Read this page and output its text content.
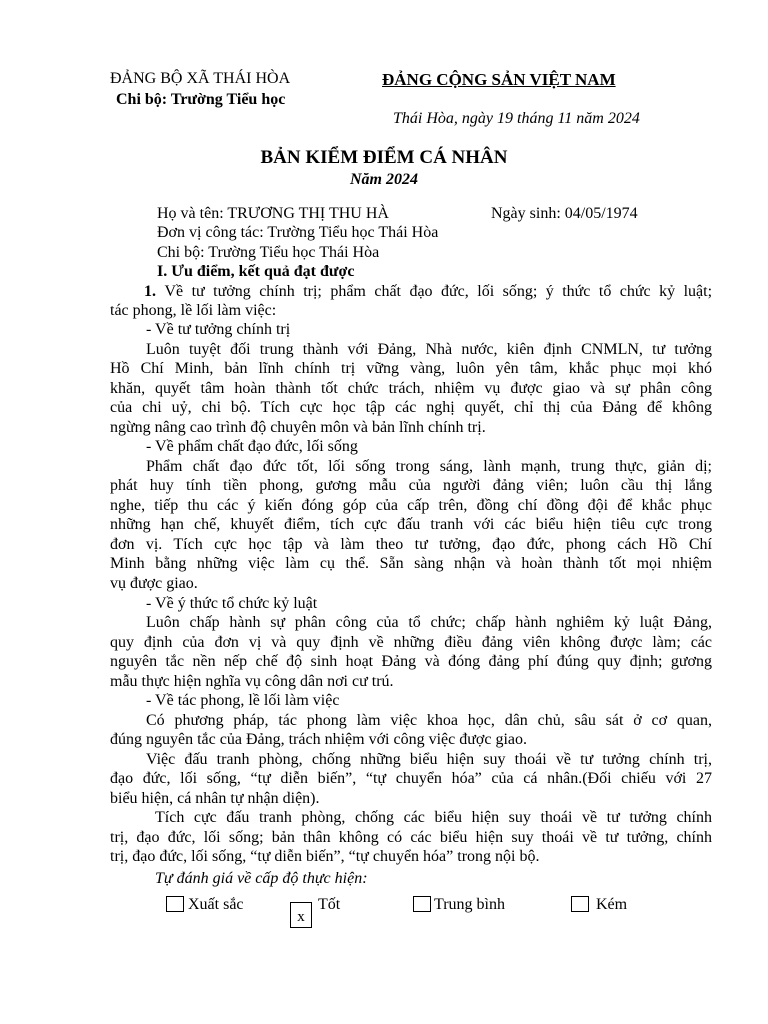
ĐẢNG BỘ XÃ THÁI HÒA	ĐẢNG CỘNG SẢN VIỆT NAM
Chi bộ: Trường Tiểu học
Thái Hòa, ngày 19 tháng 11 năm 2024
BẢN KIỂM ĐIỂM CÁ NHÂN
Năm 2024
Họ và tên: TRƯƠNG THỊ THU HÀ	Ngày sinh: 04/05/1974
Đơn vị công tác: Trường Tiểu học Thái Hòa
Chi bộ: Trường Tiểu học Thái Hòa
I. Ưu điểm, kết quả đạt được
1. Về tư tưởng chính trị; phẩm chất đạo đức, lối sống; ý thức tổ chức kỷ luật;
tác phong, lề lối làm việc:
- Về tư tưởng chính trị
Luôn tuyệt đối trung thành với Đảng, Nhà nước, kiên định CNMLN, tư tưởng
Hồ Chí Minh, bản lĩnh chính trị vững vàng, luôn yên tâm, khắc phục mọi khó
khăn, quyết tâm hoàn thành tốt chức trách, nhiệm vụ được giao và sự phân công
của chi uỷ, chi bộ. Tích cực học tập các nghị quyết, chỉ thị của Đảng để không
ngừng nâng cao trình độ chuyên môn và bản lĩnh chính trị.
- Về phẩm chất đạo đức, lối sống
Phẩm chất đạo đức tốt, lối sống trong sáng, lành mạnh, trung thực, giản dị;
phát huy tính tiền phong, gương mẫu của người đảng viên; luôn cầu thị lắng
nghe, tiếp thu các ý kiến đóng góp của cấp trên, đồng chí đồng đội để khắc phục
những hạn chế, khuyết điểm, tích cực đấu tranh với các biểu hiện tiêu cực trong
đơn vị. Tích cực học tập và làm theo tư tưởng, đạo đức, phong cách Hồ Chí
Minh bằng những việc làm cụ thể. Sẵn sàng nhận và hoàn thành tốt mọi nhiệm
vụ được giao.
- Về ý thức tổ chức kỷ luật
Luôn chấp hành sự phân công của tổ chức; chấp hành nghiêm kỷ luật Đảng,
quy định của đơn vị và quy định về những điều đảng viên không được làm; các
nguyên tắc nền nếp chế độ sinh hoạt Đảng và đóng đảng phí đúng quy định; gương
mẫu thực hiện nghĩa vụ công dân nơi cư trú.
- Về tác phong, lề lối làm việc
Có phương pháp, tác phong làm việc khoa học, dân chủ, sâu sát ở cơ quan,
đúng nguyên tắc của Đảng, trách nhiệm với công việc được giao.
Việc đấu tranh phòng, chống những biểu hiện suy thoái về tư tưởng chính trị,
đạo đức, lối sống, “tự diễn biến”, “tự chuyển hóa” của cá nhân.(Đối chiếu với 27
biểu hiện, cá nhân tự nhận diện).
Tích cực đấu tranh phòng, chống các biểu hiện suy thoái về tư tưởng chính
trị, đạo đức, lối sống; bản thân không có các biểu hiện suy thoái về tư tưởng, chính
trị, đạo đức, lối sống, “tự diễn biến”, “tự chuyển hóa” trong nội bộ.
Tự đánh giá về cấp độ thực hiện:
Xuất sắc
x
Tốt	Trung bình	Kém
